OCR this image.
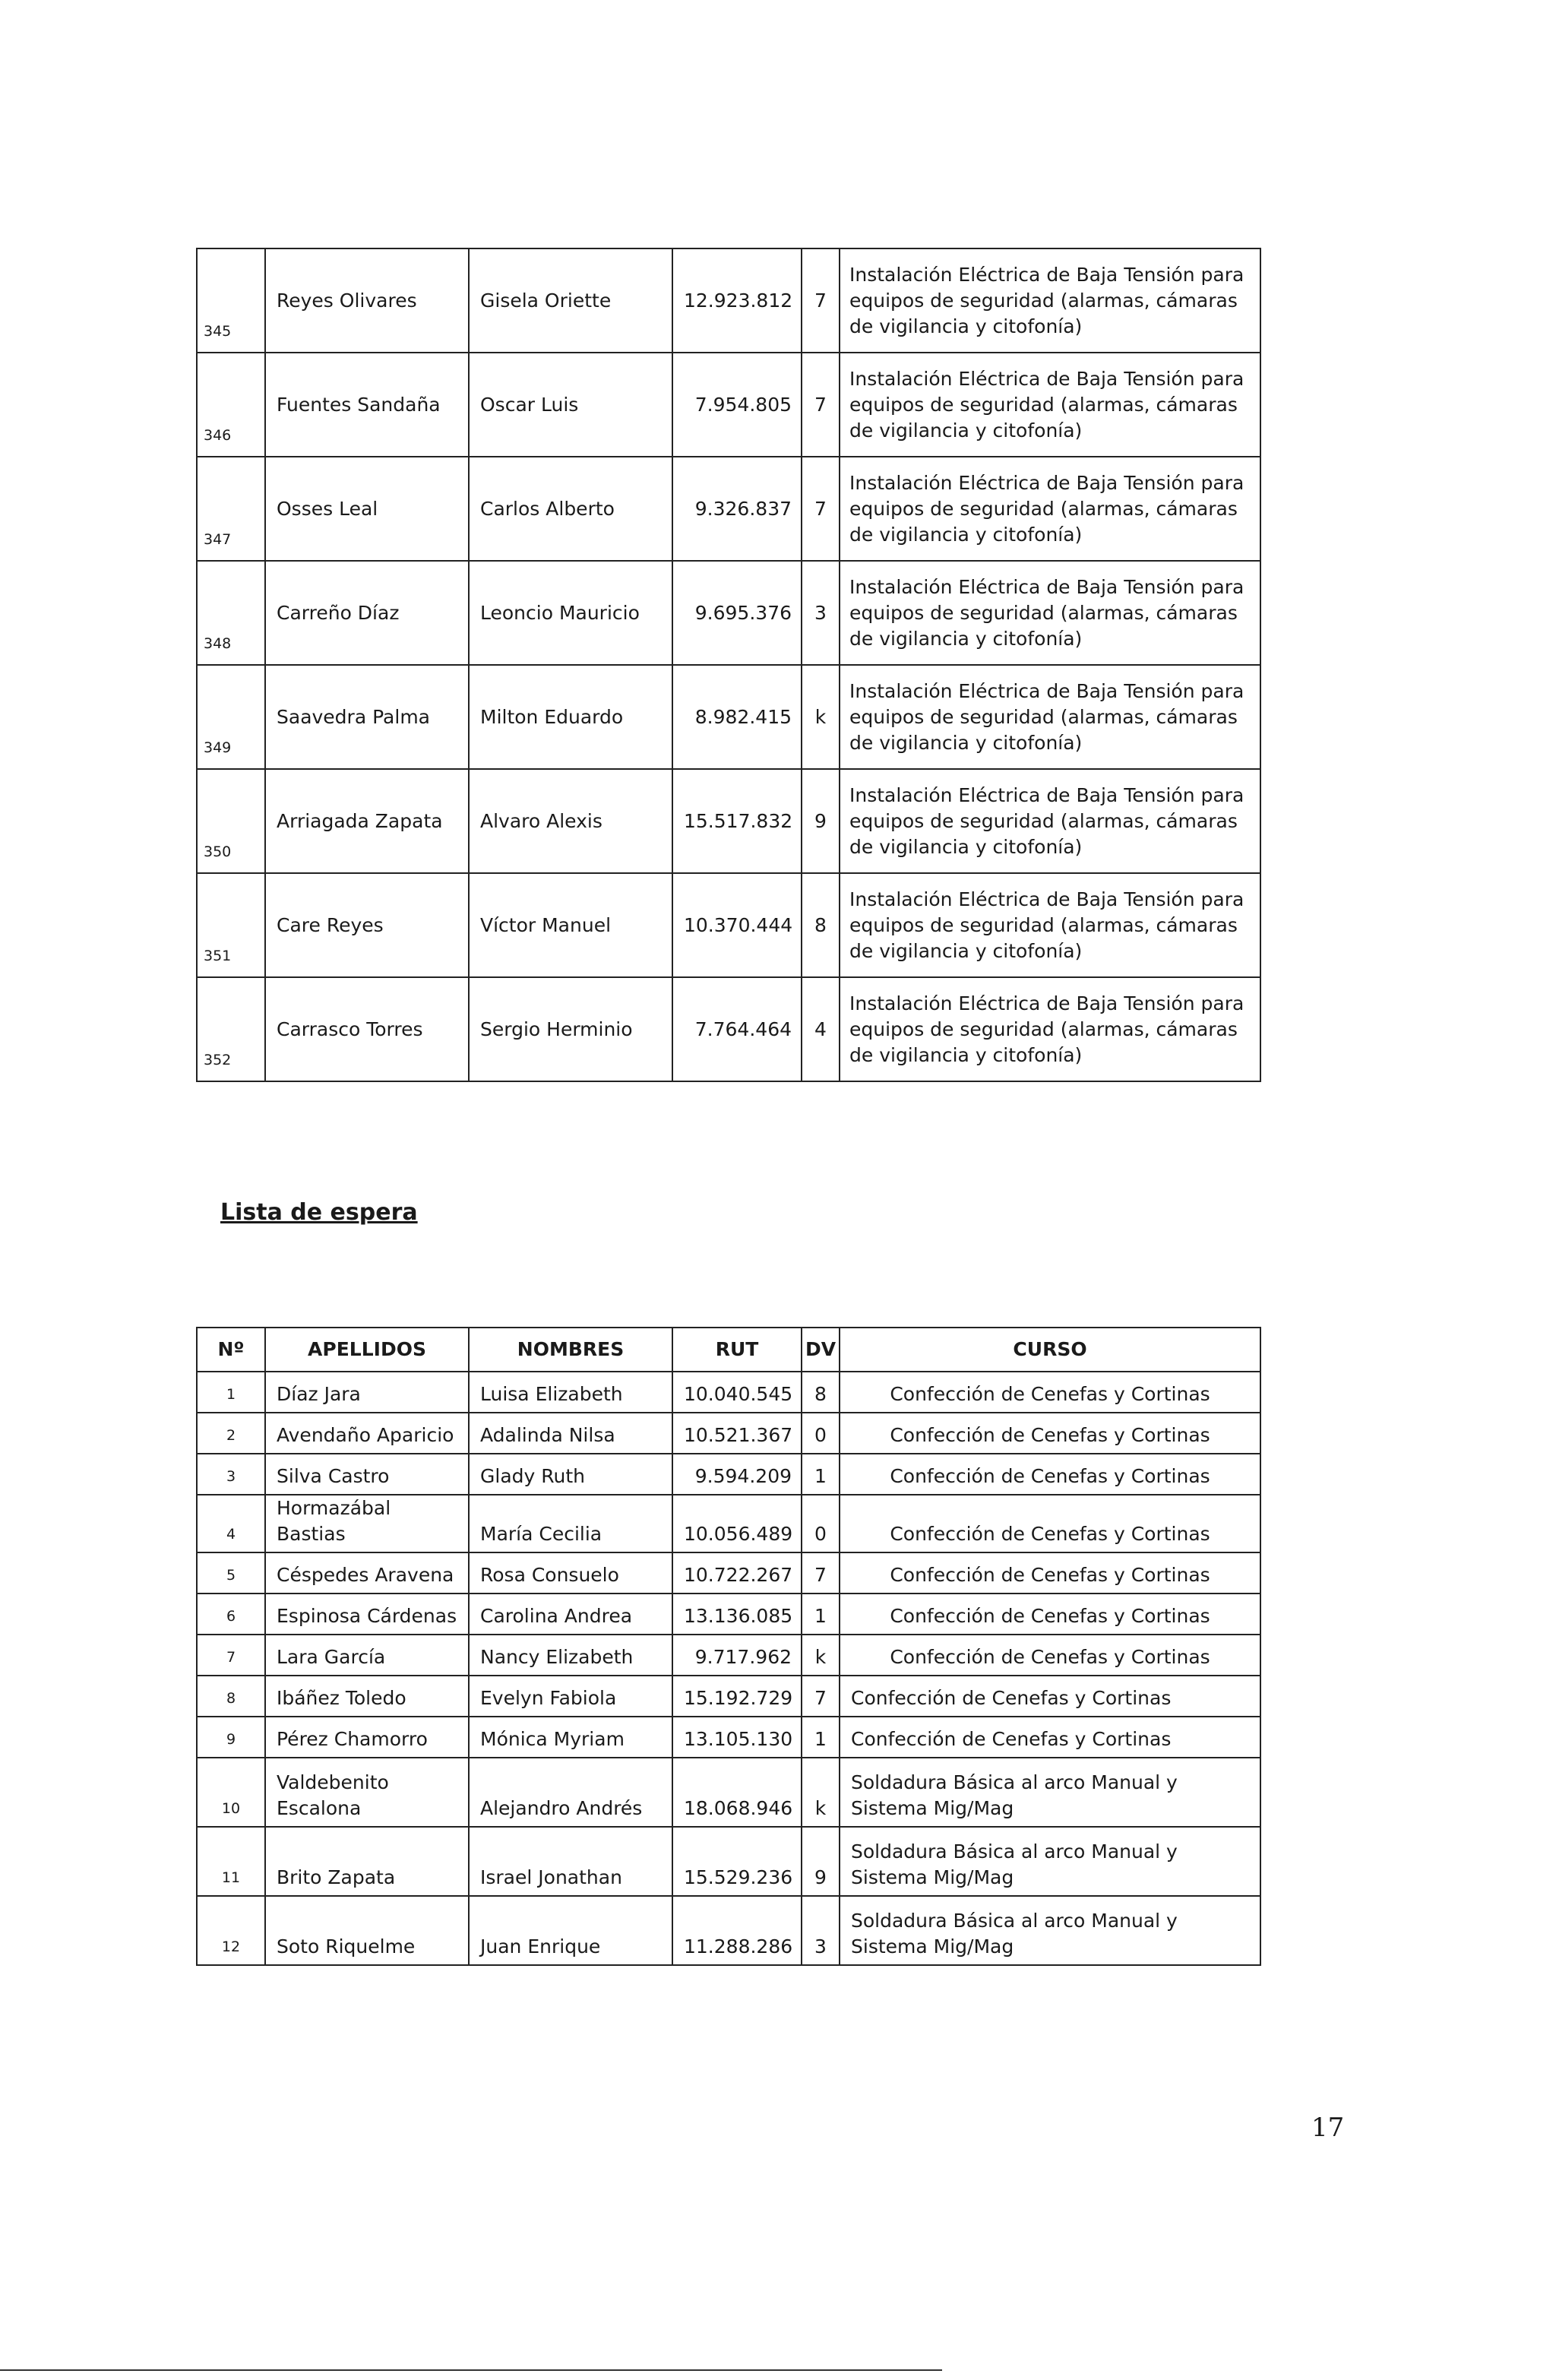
345	Reyes Olivares	Gisela Oriette	12.923.812	7	Instalación Eléctrica de Baja Tensión para equipos de seguridad (alarmas, cámaras de vigilancia y citofonía)
346	Fuentes Sandaña	Oscar Luis	7.954.805	7	Instalación Eléctrica de Baja Tensión para equipos de seguridad (alarmas, cámaras de vigilancia y citofonía)
347	Osses Leal	Carlos Alberto	9.326.837	7	Instalación Eléctrica de Baja Tensión para equipos de seguridad (alarmas, cámaras de vigilancia y citofonía)
348	Carreño Díaz	Leoncio Mauricio	9.695.376	3	Instalación Eléctrica de Baja Tensión para equipos de seguridad (alarmas, cámaras de vigilancia y citofonía)
349	Saavedra Palma	Milton Eduardo	8.982.415	k	Instalación Eléctrica de Baja Tensión para equipos de seguridad (alarmas, cámaras de vigilancia y citofonía)
350	Arriagada Zapata	Alvaro Alexis	15.517.832	9	Instalación Eléctrica de Baja Tensión para equipos de seguridad (alarmas, cámaras de vigilancia y citofonía)
351	Care Reyes	Víctor Manuel	10.370.444	8	Instalación Eléctrica de Baja Tensión para equipos de seguridad (alarmas, cámaras de vigilancia y citofonía)
352	Carrasco Torres	Sergio Herminio	7.764.464	4	Instalación Eléctrica de Baja Tensión para equipos de seguridad (alarmas, cámaras de vigilancia y citofonía)
Lista de espera
Nº	APELLIDOS	NOMBRES	RUT	DV	CURSO
1	Díaz Jara	Luisa Elizabeth	10.040.545	8	Confección de Cenefas y Cortinas
2	Avendaño Aparicio	Adalinda Nilsa	10.521.367	0	Confección de Cenefas y Cortinas
3	Silva Castro	Glady Ruth	9.594.209	1	Confección de Cenefas y Cortinas
4	Hormazábal Bastias	María Cecilia	10.056.489	0	Confección de Cenefas y Cortinas
5	Céspedes Aravena	Rosa Consuelo	10.722.267	7	Confección de Cenefas y Cortinas
6	Espinosa Cárdenas	Carolina Andrea	13.136.085	1	Confección de Cenefas y Cortinas
7	Lara García	Nancy Elizabeth	9.717.962	k	Confección de Cenefas y Cortinas
8	Ibáñez Toledo	Evelyn Fabiola	15.192.729	7	Confección de Cenefas y Cortinas
9	Pérez Chamorro	Mónica Myriam	13.105.130	1	Confección de Cenefas y Cortinas
10	Valdebenito Escalona	Alejandro Andrés	18.068.946	k	Soldadura Básica al arco Manual y Sistema Mig/Mag
11	Brito Zapata	Israel Jonathan	15.529.236	9	Soldadura Básica al arco Manual y Sistema Mig/Mag
12	Soto Riquelme	Juan Enrique	11.288.286	3	Soldadura Básica al arco Manual y Sistema Mig/Mag
17
